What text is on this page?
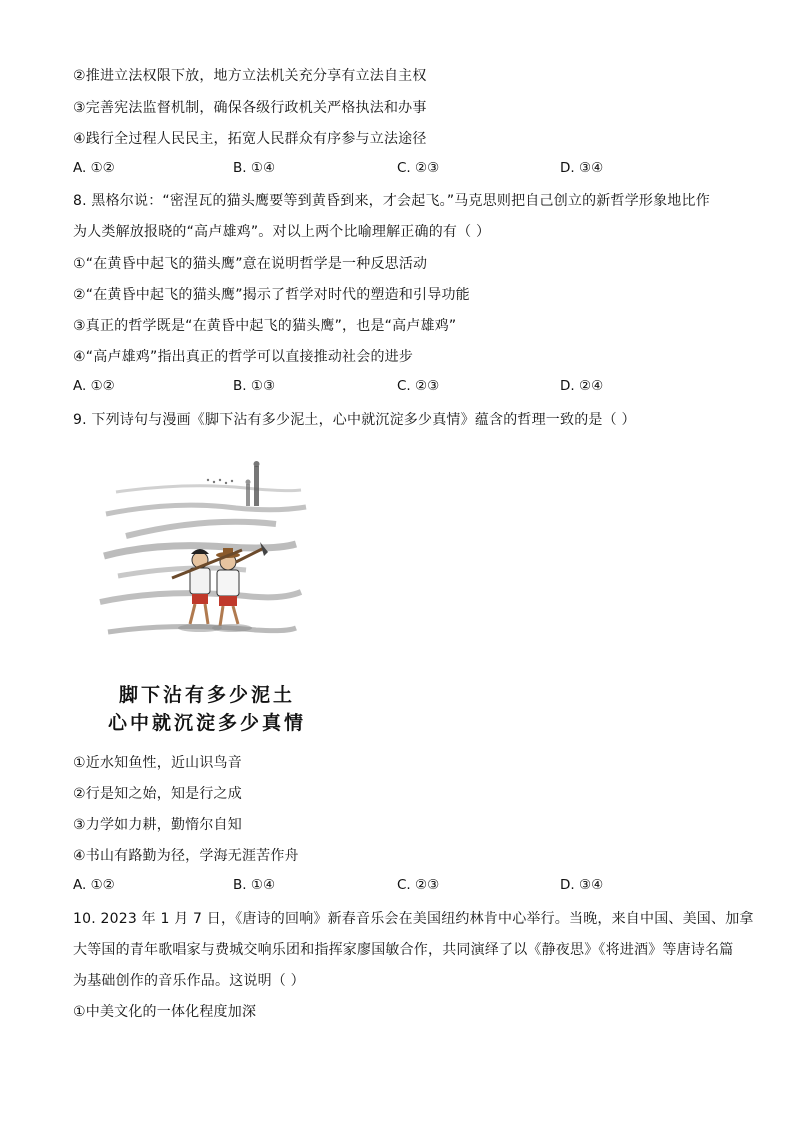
②推进立法权限下放，地方立法机关充分享有立法自主权
③完善宪法监督机制，确保各级行政机关严格执法和办事
④践行全过程人民民主，拓宽人民群众有序参与立法途径
A. ①②	B. ①④	C. ②③	D. ③④
8. 黑格尔说：“密涅瓦的猫头鹰要等到黄昏到来，才会起飞。”马克思则把自己创立的新哲学形象地比作
为人类解放报晓的“高卢雄鸡”。对以上两个比喻理解正确的有（ ）
①“在黄昏中起飞的猫头鹰”意在说明哲学是一种反思活动
②“在黄昏中起飞的猫头鹰”揭示了哲学对时代的塑造和引导功能
③真正的哲学既是“在黄昏中起飞的猫头鹰”，也是“高卢雄鸡”
④“高卢雄鸡”指出真正的哲学可以直接推动社会的进步
A. ①②	B. ①③	C. ②③	D. ②④
9. 下列诗句与漫画《脚下沾有多少泥土，心中就沉淀多少真情》蕴含的哲理一致的是（ ）
脚下沾有多少泥土
心中就沉淀多少真情
①近水知鱼性，近山识鸟音
②行是知之始，知是行之成
③力学如力耕，勤惰尔自知
④书山有路勤为径，学海无涯苦作舟
A. ①②	B. ①④	C. ②③	D. ③④
10. 2023 年 1 月 7 日，《唐诗的回响》新春音乐会在美国纽约林肯中心举行。当晚，来自中国、美国、加拿
大等国的青年歌唱家与费城交响乐团和指挥家廖国敏合作，共同演绎了以《静夜思》《将进酒》等唐诗名篇
为基础创作的音乐作品。这说明（ ）
①中美文化的一体化程度加深
